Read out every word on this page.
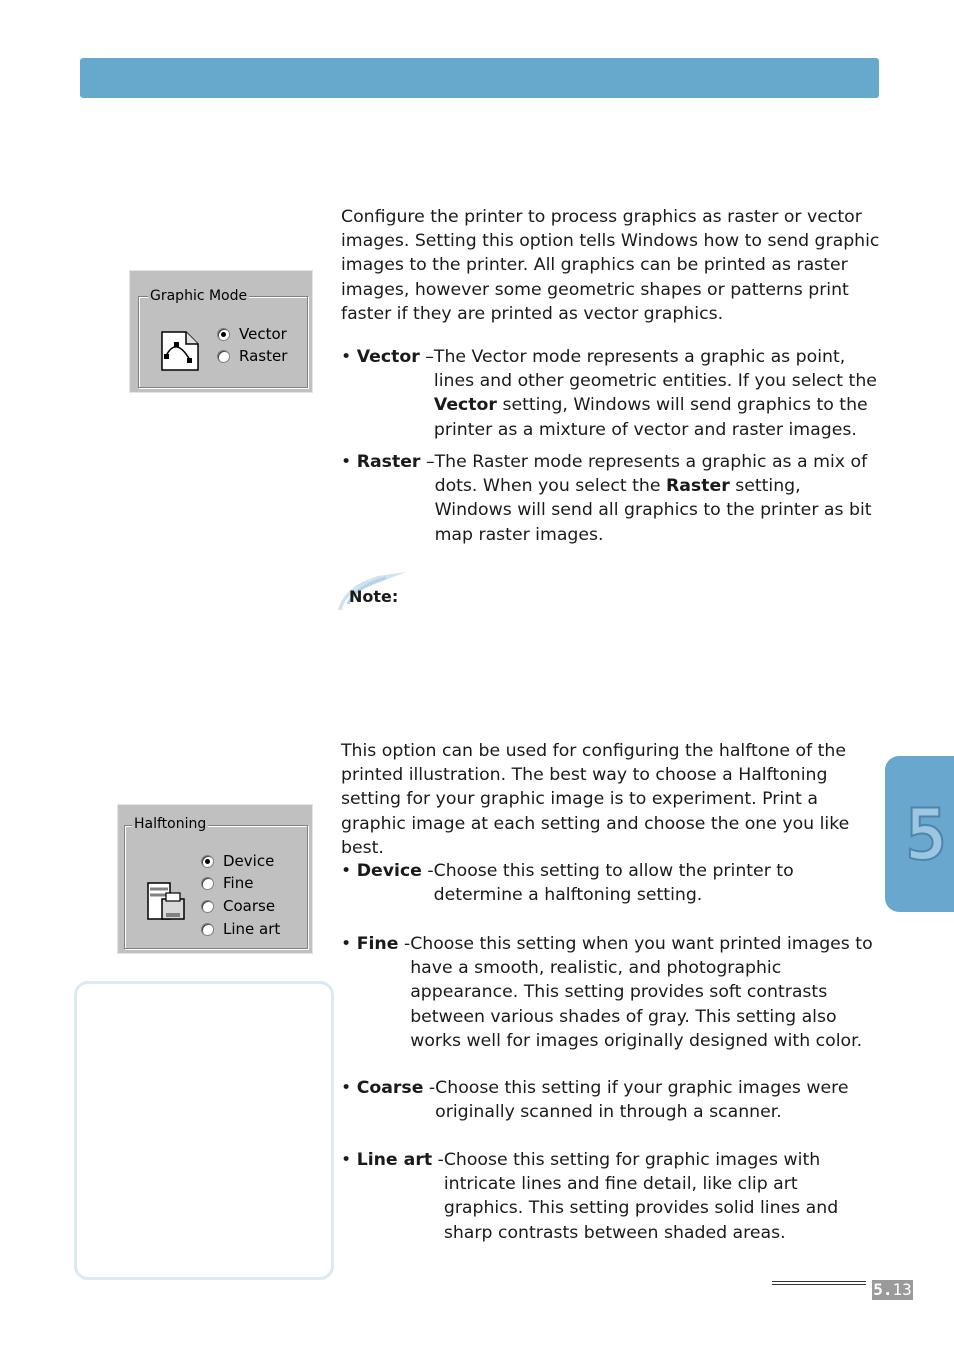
Configure the printer to process graphics as raster or vector images. Setting this option tells Windows how to send graphic images to the printer. All graphics can be printed as raster images, however some geometric shapes or patterns print faster if they are printed as vector graphics.

• Vector – The Vector mode represents a graphic as point, lines and other geometric entities. If you select the Vector setting, Windows will send graphics to the printer as a mixture of vector and raster images.
• Raster – The Raster mode represents a graphic as a mix of dots. When you select the Raster setting, Windows will send all graphics to the printer as bit map raster images.
Graphic Mode
Vector
Raster
Note:

This option can be used for configuring the halftone of the printed illustration. The best way to choose a Halftoning setting for your graphic image is to experiment. Print a graphic image at each setting and choose the one you like best.

• Device - Choose this setting to allow the printer to determine a halftoning setting.
• Fine - Choose this setting when you want printed images to have a smooth, realistic, and photographic appearance. This setting provides soft contrasts between various shades of gray. This setting also works well for images originally designed with color.
• Coarse - Choose this setting if your graphic images were originally scanned in through a scanner.
• Line art - Choose this setting for graphic images with intricate lines and fine detail, like clip art graphics. This setting provides solid lines and sharp contrasts between shaded areas.
Halftoning
Device
Fine
Coarse
Line art
5
5.13
